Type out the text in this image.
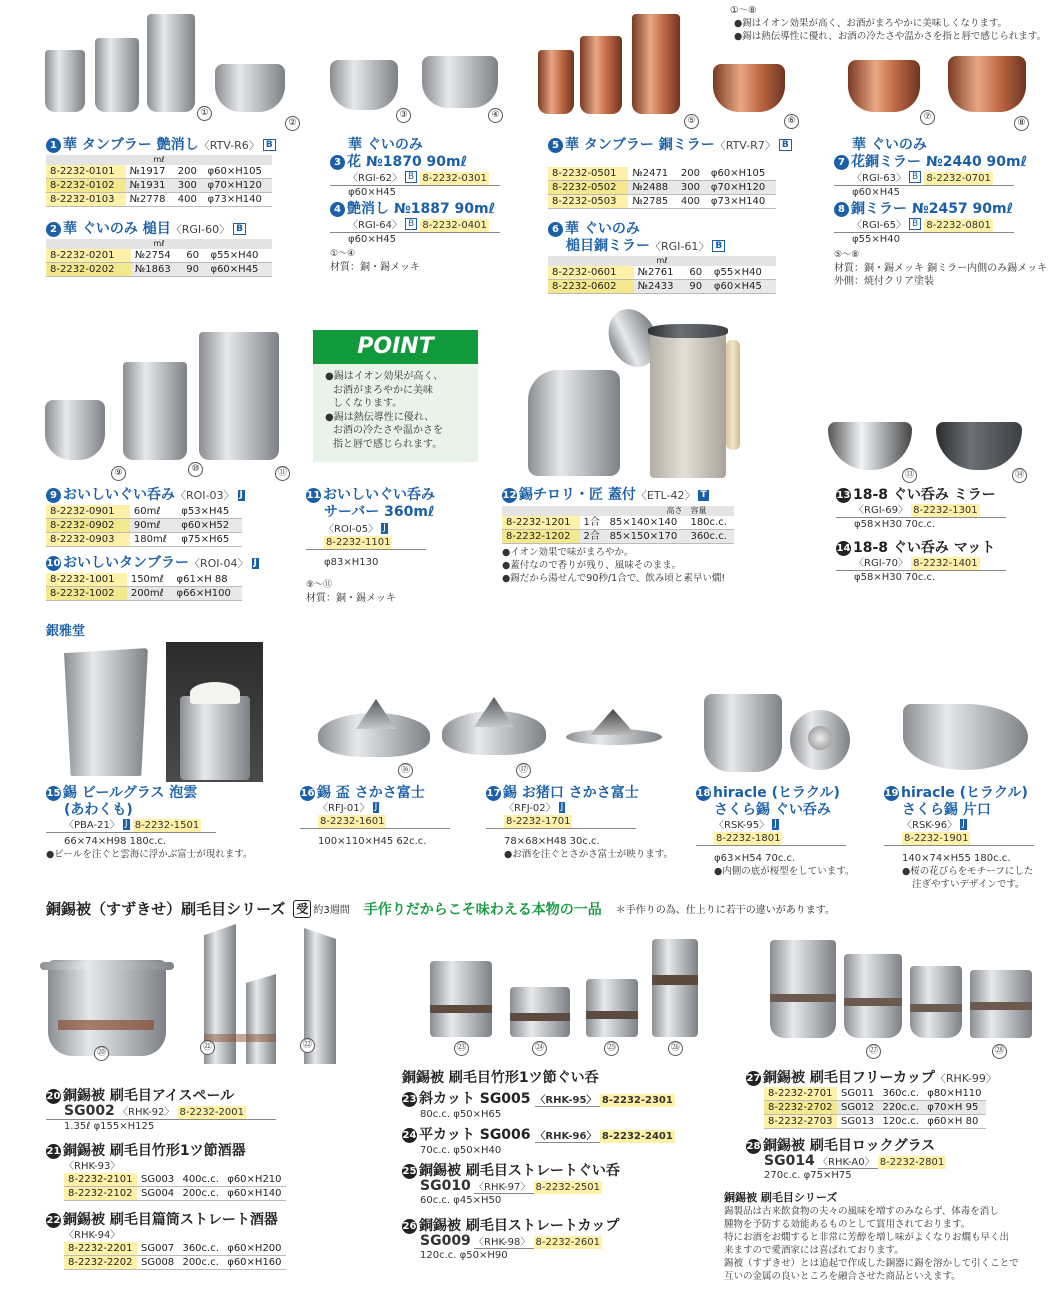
①
②
③	④
⑤	⑥	⑦
⑧
①〜⑧
●錫はイオン効果が高く、お酒がまろやかに美味しくなります。
●錫は熱伝導性に優れ、お酒の冷たさや温かさを指と唇で感じられます。
1 華 タンブラー 艶消し〈RTV-R6〉 B
mℓ			
8-2232-0101	№1917	200	φ60×H105
8-2232-0102	№1931	300	φ70×H120
8-2232-0103	№2778	400	φ73×H140
2 華 ぐいのみ 槌目〈RGI-60〉 B
mℓ			
8-2232-0201	№2754	60	φ55×H40
8-2232-0202	№1863	90	φ60×H45
華 ぐいのみ
3 花 №1870 90mℓ
〈RGI-62〉 B 8-2232-0301
φ60×H45
4 艶消し №1887 90mℓ
〈RGI-64〉 B 8-2232-0401
φ60×H45
①〜④
材質：銅・錫メッキ
5 華 タンブラー 銅ミラー〈RTV-R7〉 B
8-2232-0501	№2471	200	φ60×H105
8-2232-0502	№2488	300	φ70×H120
8-2232-0503	№2785	400	φ73×H140
6 華 ぐいのみ
槌目銅ミラー〈RGI-61〉 B
mℓ			
8-2232-0601	№2761	60	φ55×H40
8-2232-0602	№2433	90	φ60×H45
華 ぐいのみ
7 花銅ミラー №2440 90mℓ
〈RGI-63〉 B 8-2232-0701
φ60×H45
8 銅ミラー №2457 90mℓ
〈RGI-65〉 B 8-2232-0801
φ55×H40
⑤〜⑧
材質：銅・錫メッキ 銅ミラー内側のみ錫メッキ
外側：焼付クリア塗装
⑨	⑩	⑪
POINT
●錫はイオン効果が高く、
お酒がまろやかに美味
しくなります。
●錫は熱伝導性に優れ、
お酒の冷たさや温かさを
指と唇で感じられます。
⑬	⑭
9 おいしいぐい呑み〈ROI-03〉 J
8-2232-0901	60mℓ	φ53×H45
8-2232-0902	90mℓ	φ60×H52
8-2232-0903	180mℓ	φ75×H65
10 おいしいタンブラー〈ROI-04〉 J
8-2232-1001	150mℓ	φ61×H 88
8-2232-1002	200mℓ	φ66×H100
11 おいしいぐい呑み
サーバー 360mℓ
〈ROI-05〉 J
8-2232-1101
φ83×H130
⑨〜⑪
材質：銅・錫メッキ
12 錫チロリ・匠 蓋付〈ETL-42〉 T
高さ			容量
8-2232-1201	1合	85×140×140	180c.c.
8-2232-1202	2合	85×150×170	360c.c.
●イオン効果で味がまろやか。
●蓋付なので香りが残り、風味そのまま。
●錫だから湯せんで90秒/1合で、飲み頃と素早い燗!
13 18-8 ぐい呑み ミラー
〈RGI-69〉 8-2232-1301
φ58×H30 70c.c.
14 18-8 ぐい呑み マット
〈RGI-70〉 8-2232-1401
φ58×H30 70c.c.
銀雅堂
⑯	⑰
15 錫 ビールグラス 泡雲
(あわくも)
〈PBA-21〉 J 8-2232-1501
66×74×H98 180c.c.
●ビールを注ぐと雲海に浮かぶ富士が現れます。
16 錫 盃 さかさ富士
〈RFJ-01〉 J
8-2232-1601
100×110×H45 62c.c.
17 錫 お猪口 さかさ富士
〈RFJ-02〉 J
8-2232-1701
78×68×H48 30c.c.
●お酒を注ぐとさかさ富士が映ります。
18 hiracle (ヒラクル)
さくら錫 ぐい呑み
〈RSK-95〉 J
8-2232-1801
φ63×H54 70c.c.
●内側の底が桜型をしています。
19 hiracle (ヒラクル)
さくら錫 片口
〈RSK-96〉 J
8-2232-1901
140×74×H55 180c.c.
●桜の花びらをモチーフにした
注ぎやすいデザインです。
銅錫被（すずきせ）刷毛目シリーズ 受 約3週間 手作りだからこそ味わえる本物の一品 ＊手作りの為、仕上りに若干の違いがあります。
⑳
㉑	㉒	㉓	㉔	㉕	㉖	㉗	㉘
20 銅錫被 刷毛目アイスペール
SG002 〈RHK-92〉 8-2232-2001
1.35ℓ φ155×H125
21 銅錫被 刷毛目竹形1ツ節酒器
〈RHK-93〉
8-2232-2101	SG003	400c.c.	φ60×H210
8-2232-2102	SG004	200c.c.	φ60×H140
22 銅錫被 刷毛目篇筒ストレート酒器
〈RHK-94〉
8-2232-2201	SG007	360c.c.	φ60×H200
8-2232-2202	SG008	200c.c.	φ60×H160
銅錫被 刷毛目竹形1ツ節ぐい呑
23 斜カット SG005 〈RHK-95〉 8-2232-2301
80c.c. φ50×H65
24 平カット SG006 〈RHK-96〉 8-2232-2401
70c.c. φ50×H40
25 銅錫被 刷毛目ストレートぐい呑
SG010 〈RHK-97〉 8-2232-2501
60c.c. φ45×H50
26 銅錫被 刷毛目ストレートカップ
SG009 〈RHK-98〉 8-2232-2601
120c.c. φ50×H90
27 銅錫被 刷毛目フリーカップ〈RHK-99〉
8-2232-2701	SG011	360c.c.	φ80×H110
8-2232-2702	SG012	220c.c.	φ70×H 95
8-2232-2703	SG013	120c.c.	φ60×H 80
28 銅錫被 刷毛目ロックグラス
SG014 〈RHK-A0〉 8-2232-2801
270c.c. φ75×H75
銅錫被 刷毛目シリーズ
錫製品は古来飲食物の夫々の風味を増すのみならず、体毒を消し
腫物を予防する効能あるものとして賞用されております。
特にお酒をお燗すると非常に芳醇を増し味がよくなりお燗も早く出
来ますので愛酒家には喜ばれております。
錫被（すずきせ）とは追起で作成した銅器に錫を溶かして引くことで
互いの金属の良いところを融合させた商品といえます。
